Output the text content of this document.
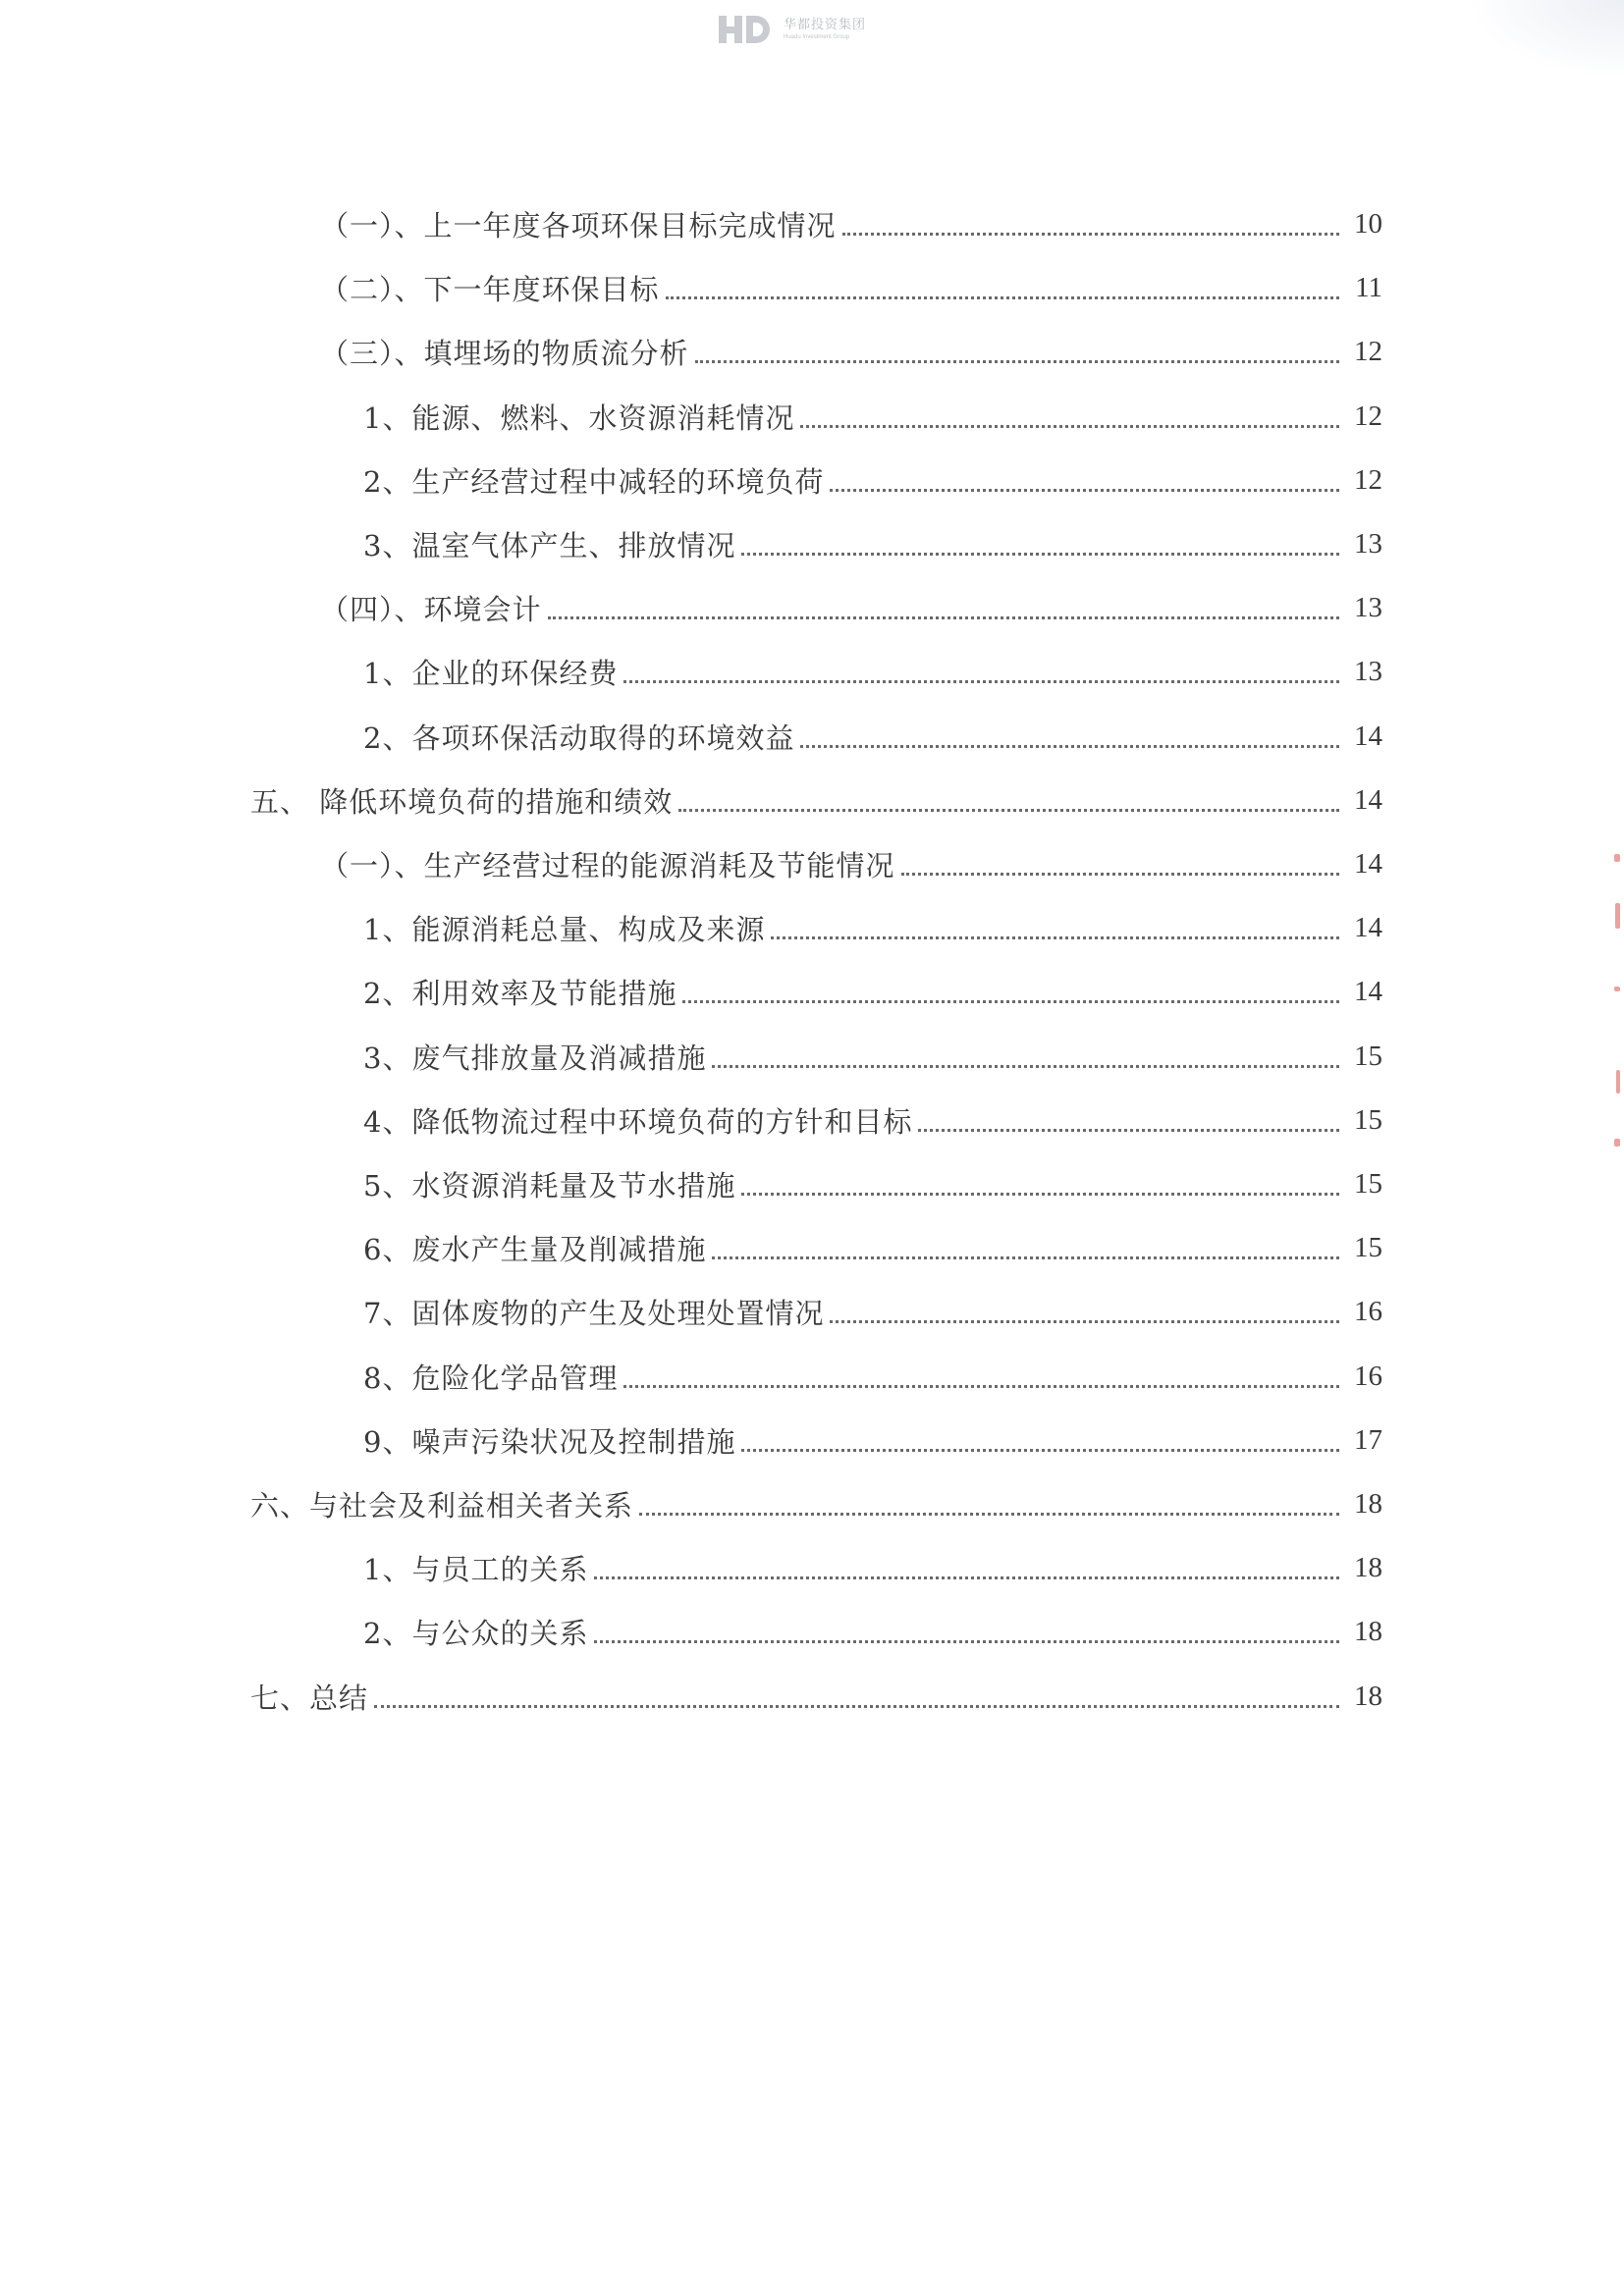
华都投资集团
Huadu Investment Group
（一）、上一年度各项环保目标完成情况	10
（二）、下一年度环保目标	11
（三）、填埋场的物质流分析	12
1、能源、燃料、水资源消耗情况	12
2、生产经营过程中减轻的环境负荷	12
3、温室气体产生、排放情况	13
（四）、环境会计	13
1、企业的环保经费	13
2、各项环保活动取得的环境效益	14
五、 降低环境负荷的措施和绩效	14
（一）、生产经营过程的能源消耗及节能情况	14
1、能源消耗总量、构成及来源	14
2、利用效率及节能措施	14
3、废气排放量及消减措施	15
4、降低物流过程中环境负荷的方针和目标	15
5、水资源消耗量及节水措施	15
6、废水产生量及削减措施	15
7、固体废物的产生及处理处置情况	16
8、危险化学品管理	16
9、噪声污染状况及控制措施	17
六、与社会及利益相关者关系	18
1、与员工的关系	18
2、与公众的关系	18
七、总结	18
